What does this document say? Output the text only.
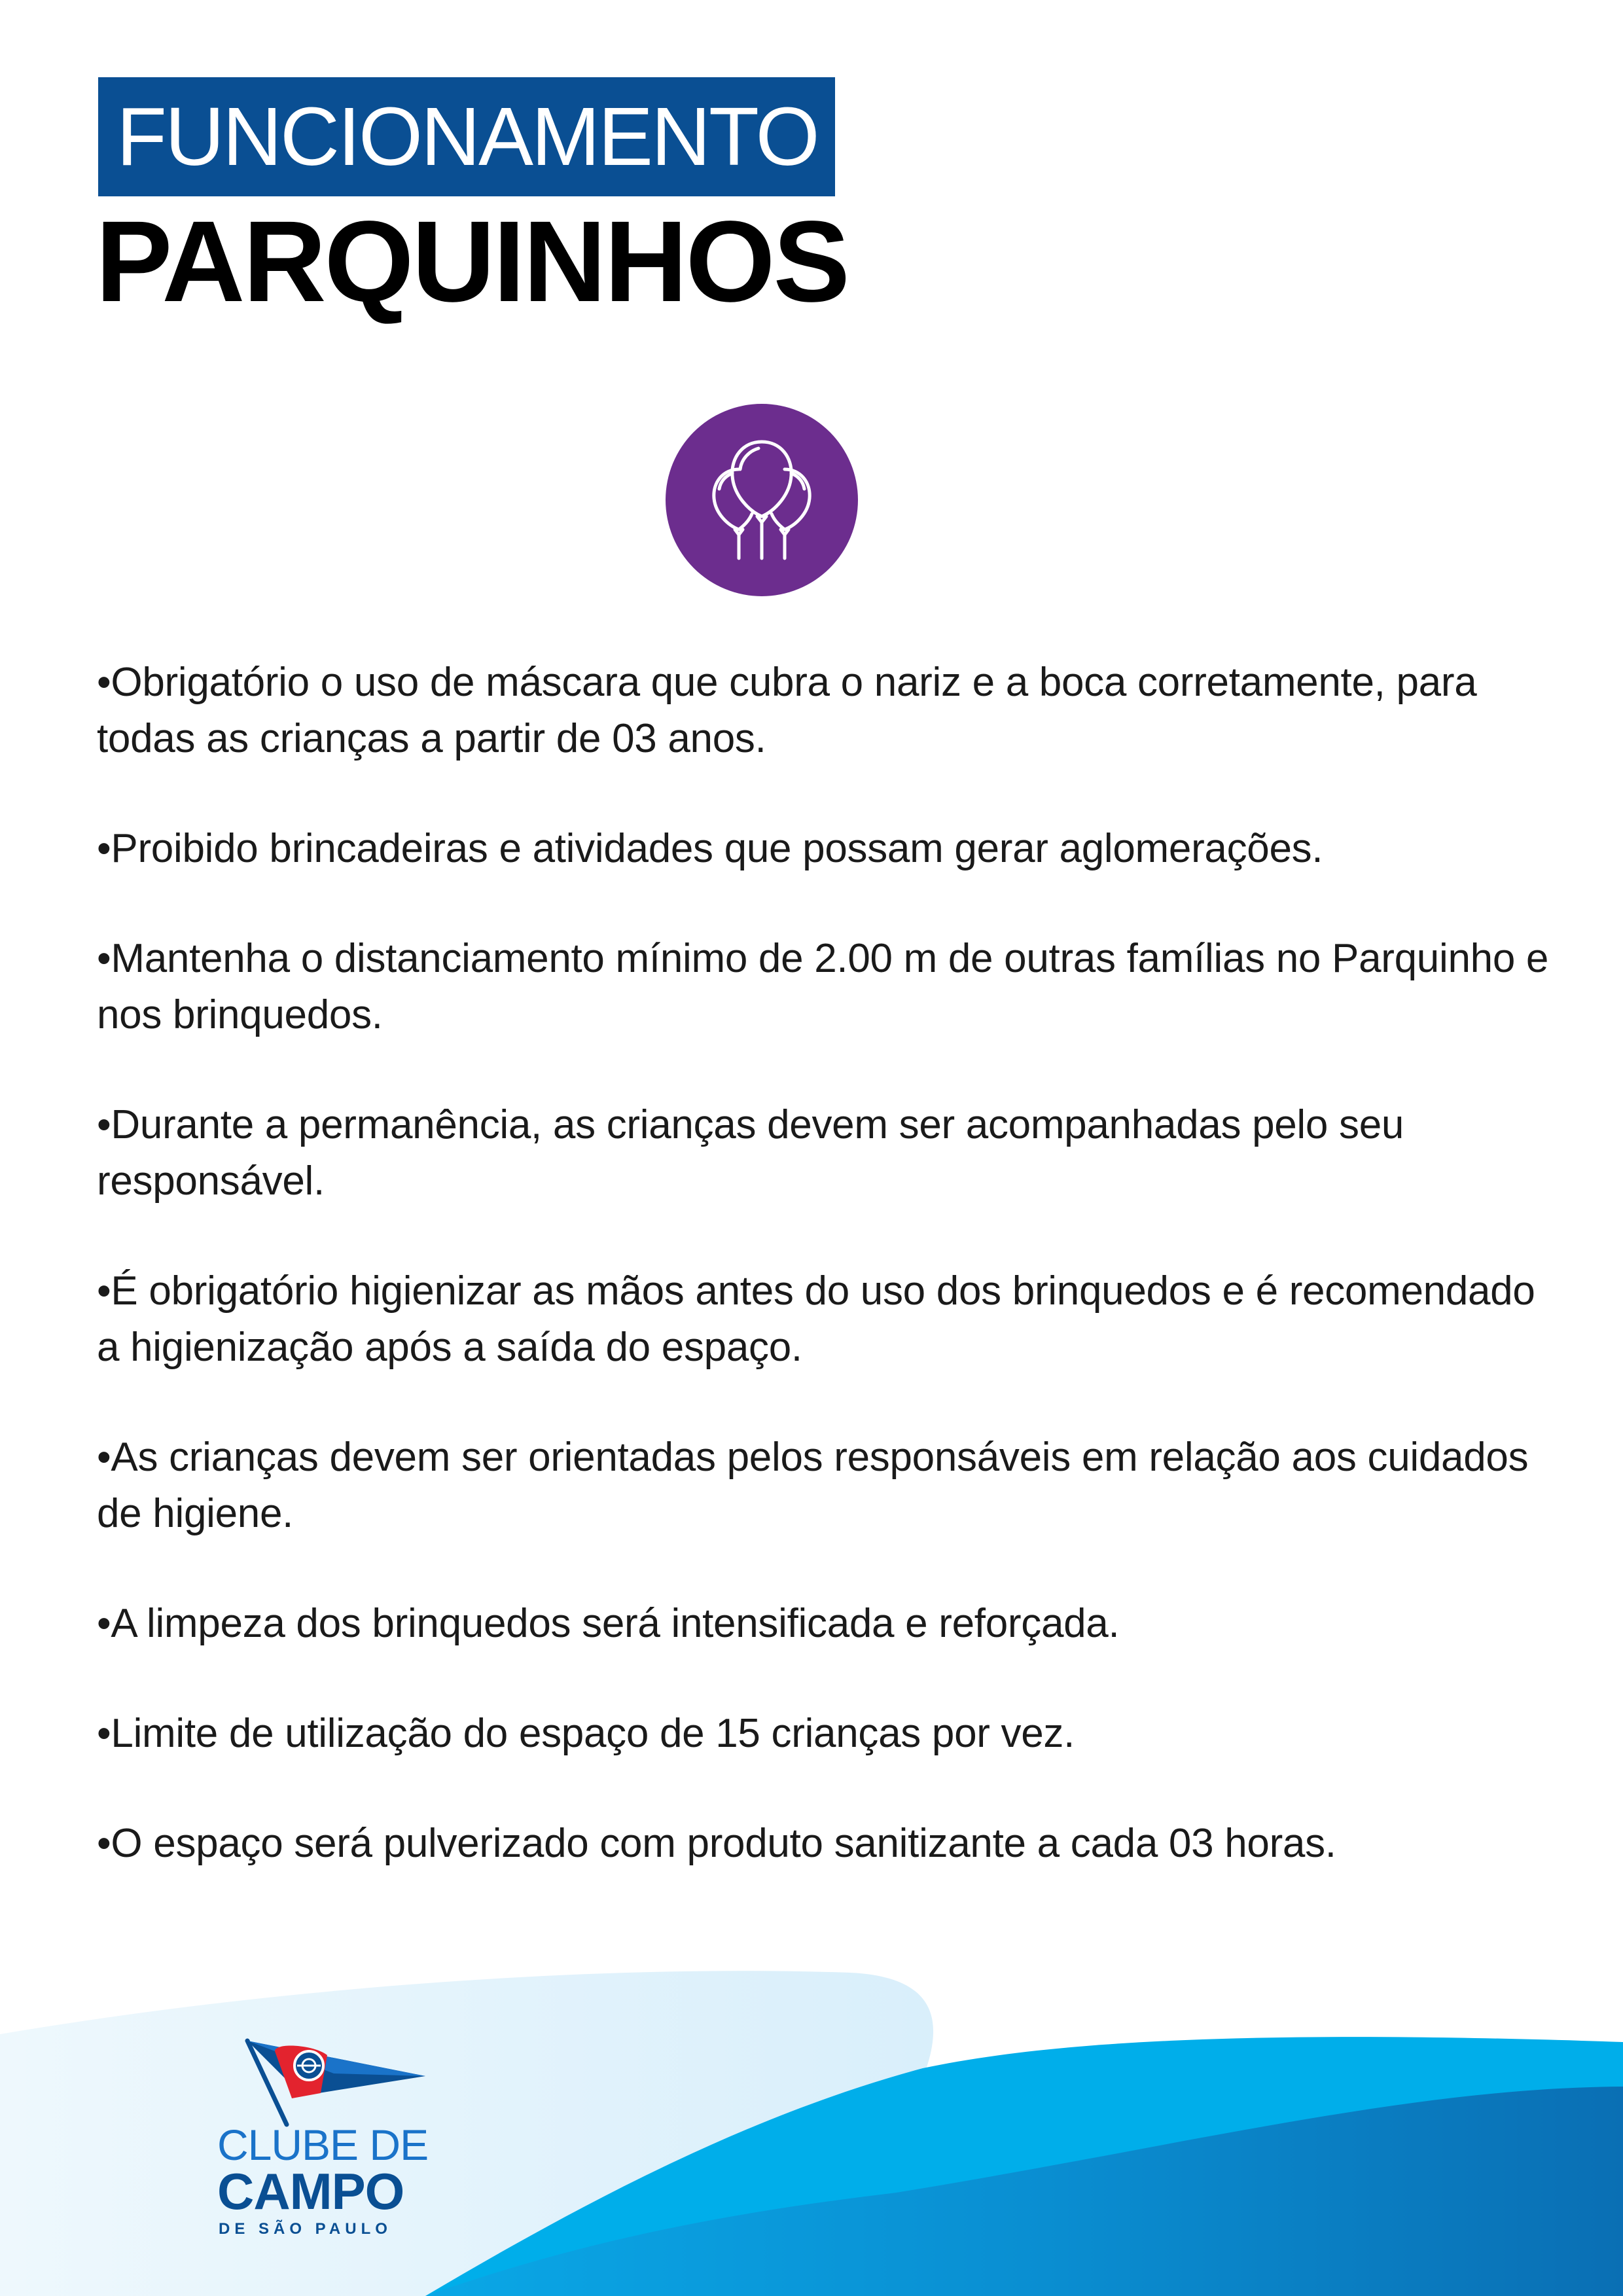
FUNCIONAMENTO
PARQUINHOS
•Obrigatório o uso de máscara que cubra o nariz e a boca corretamente, para todas as crianças a partir de 03 anos.
•Proibido brincadeiras e atividades que possam gerar aglomerações.
•Mantenha o distanciamento mínimo de 2.00 m de outras famílias no Parquinho e nos brinquedos.
•Durante a permanência, as crianças devem ser acompanhadas pelo seu responsável.
•É obrigatório higienizar as mãos antes do uso dos brinquedos e é recomendado a higienização após a saída do espaço.
•As crianças devem ser orientadas pelos responsáveis em relação aos cuidados de higiene.
•A limpeza dos brinquedos será intensificada e reforçada.
•Limite de utilização do espaço de 15 crianças por vez.
•O espaço será pulverizado com produto sanitizante a cada 03 horas.
CLUBE DE
CAMPO
DE SÃO PAULO
